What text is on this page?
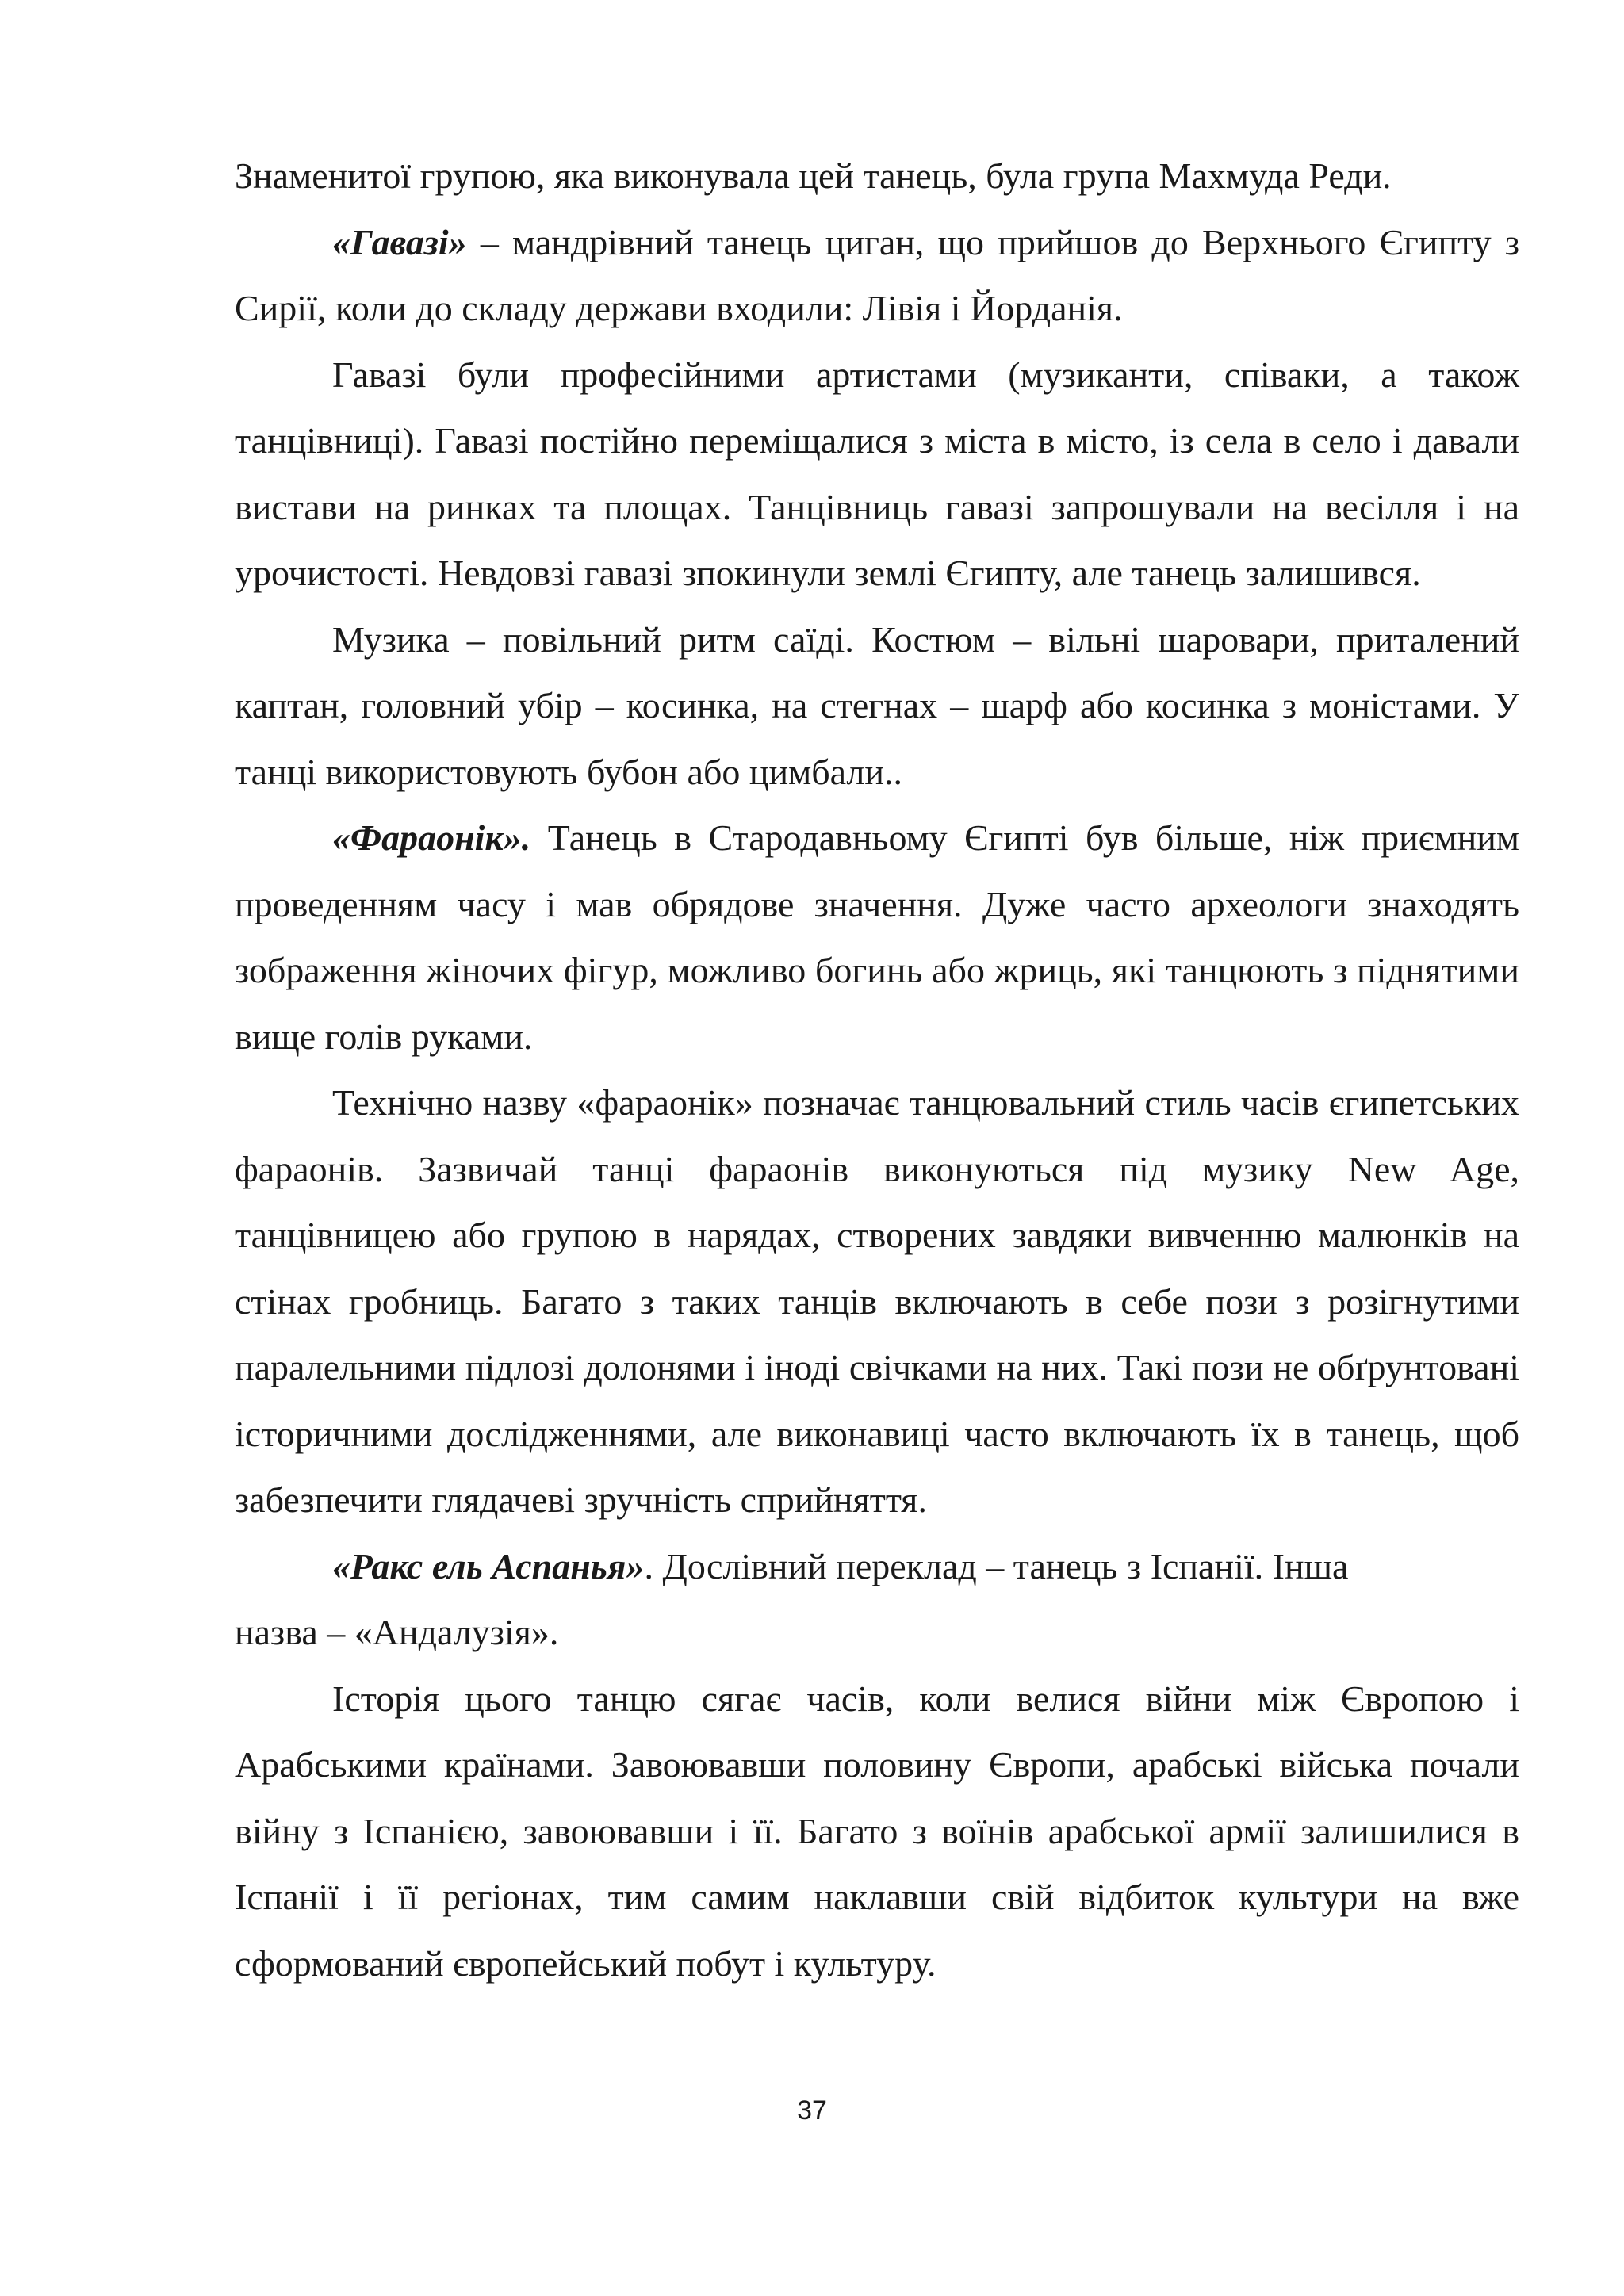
Знаменитої групою, яка виконувала цей танець, була група Махмуда Реди.

«Гавазі» – мандрівний танець циган, що прийшов до Верхнього Єгипту з Сирії, коли до складу держави входили: Лівія і Йорданія.

Гавазі були професійними артистами (музиканти, співаки, а також танцівниці). Гавазі постійно переміщалися з міста в місто, із села в село і давали вистави на ринках та площах. Танцівниць гавазі запрошували на весілля і на урочистості. Невдовзі гавазі зпокинули землі Єгипту, але танець залишився.

Музика – повільний ритм саїді. Костюм – вільні шаровари, приталений каптан, головний убір – косинка, на стегнах – шарф або косинка з моністами. У танці використовують бубон або цимбали..

«Фараонік». Танець в Стародавньому Єгипті був більше, ніж приємним проведенням часу і мав обрядове значення. Дуже часто археологи знаходять зображення жіночих фігур, можливо богинь або жриць, які танцюють з піднятими вище голів руками.

Технічно назву «фараонік» позначає танцювальний стиль часів єгипетських фараонів. Зазвичай танці фараонів виконуються під музику New Age, танцівницею або групою в нарядах, створених завдяки вивченню малюнків на стінах гробниць. Багато з таких танців включають в себе пози з розігнутими паралельними підлозі долонями і іноді свічками на них. Такі пози не обґрунтовані історичними дослідженнями, але виконавиці часто включають їх в танець, щоб забезпечити глядачеві зручність сприйняття.

«Ракс ель Аспанья». Дослівний переклад – танець з Іспанії. Інша

назва – «Андалузія».

Історія цього танцю сягає часів, коли велися війни між Європою і Арабськими країнами. Завоювавши половину Європи, арабські війська почали війну з Іспанією, завоювавши і її. Багато з воїнів арабської армії залишилися в Іспанії і її регіонах, тим самим наклавши свій відбиток культури на вже сформований європейський побут і культуру.

37
